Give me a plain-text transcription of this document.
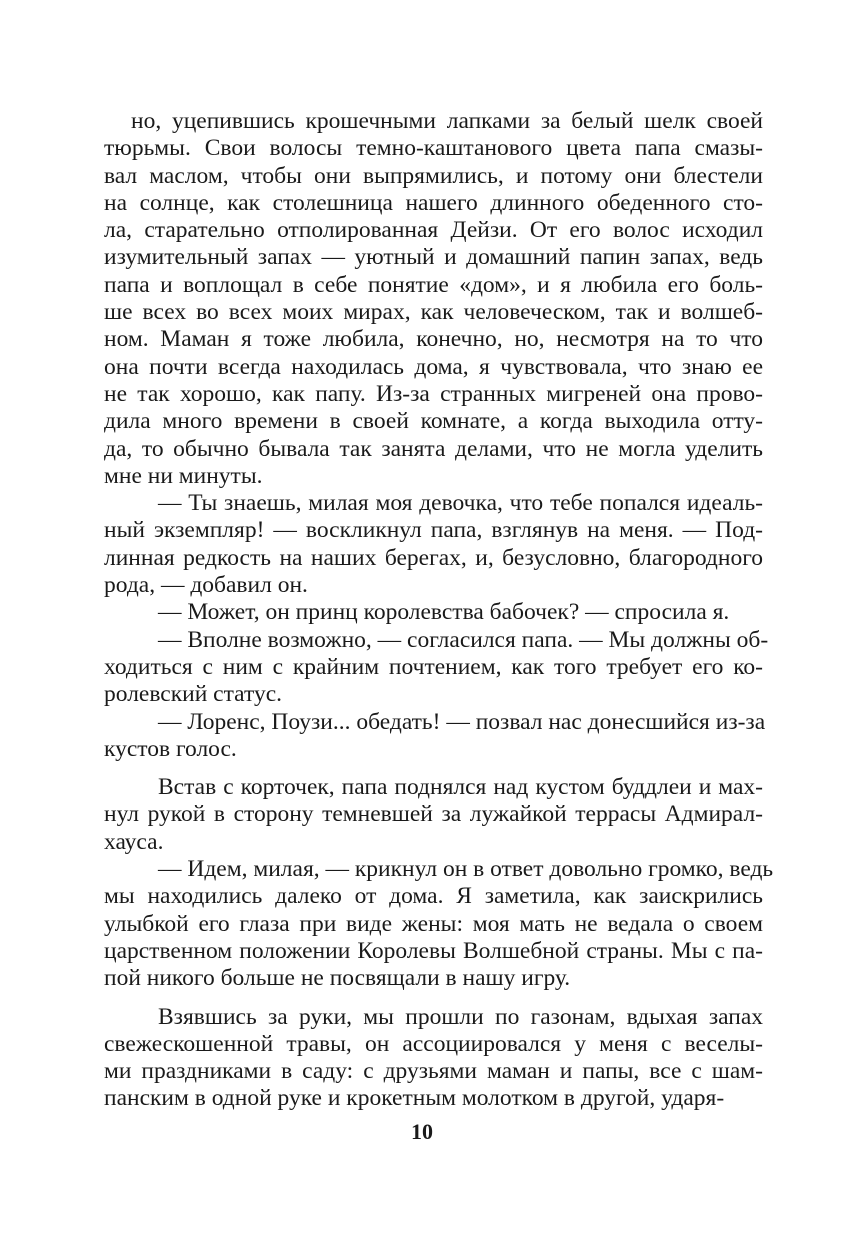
но, уцепившись крошечными лапками за белый шелк своей
тюрьмы. Свои волосы темно-каштанового цвета папа смазы-
вал маслом, чтобы они выпрямились, и потому они блестели
на солнце, как столешница нашего длинного обеденного сто-
ла, старательно отполированная Дейзи. От его волос исходил
изумительный запах — уютный и домашний папин запах, ведь
папа и воплощал в себе понятие «дом», и я любила его боль-
ше всех во всех моих мирах, как человеческом, так и волшеб-
ном. Маман я тоже любила, конечно, но, несмотря на то что
она почти всегда находилась дома, я чувствовала, что знаю ее
не так хорошо, как папу. Из-за странных мигреней она прово-
дила много времени в своей комнате, а когда выходила отту-
да, то обычно бывала так занята делами, что не могла уделить
мне ни минуты.
— Ты знаешь, милая моя девочка, что тебе попался идеаль-
ный экземпляр! — воскликнул папа, взглянув на меня. — Под-
линная редкость на наших берегах, и, безусловно, благородного
рода, — добавил он.
— Может, он принц королевства бабочек? — спросила я.
— Вполне возможно, — согласился папа. — Мы должны об-
ходиться с ним с крайним почтением, как того требует его ко-
ролевский статус.
— Лоренс, Поузи... обедать! — позвал нас донесшийся из-за
кустов голос.
Встав с корточек, папа поднялся над кустом буддлеи и мах-
нул рукой в сторону темневшей за лужайкой террасы Адмирал-
хауса.
— Идем, милая, — крикнул он в ответ довольно громко, ведь
мы находились далеко от дома. Я заметила, как заискрились
улыбкой его глаза при виде жены: моя мать не ведала о своем
царственном положении Королевы Волшебной страны. Мы с па-
пой никого больше не посвящали в нашу игру.
Взявшись за руки, мы прошли по газонам, вдыхая запах
свежескошенной травы, он ассоциировался у меня с веселы-
ми праздниками в саду: с друзьями маман и папы, все с шам-
панским в одной руке и крокетным молотком в другой, ударя-
10
